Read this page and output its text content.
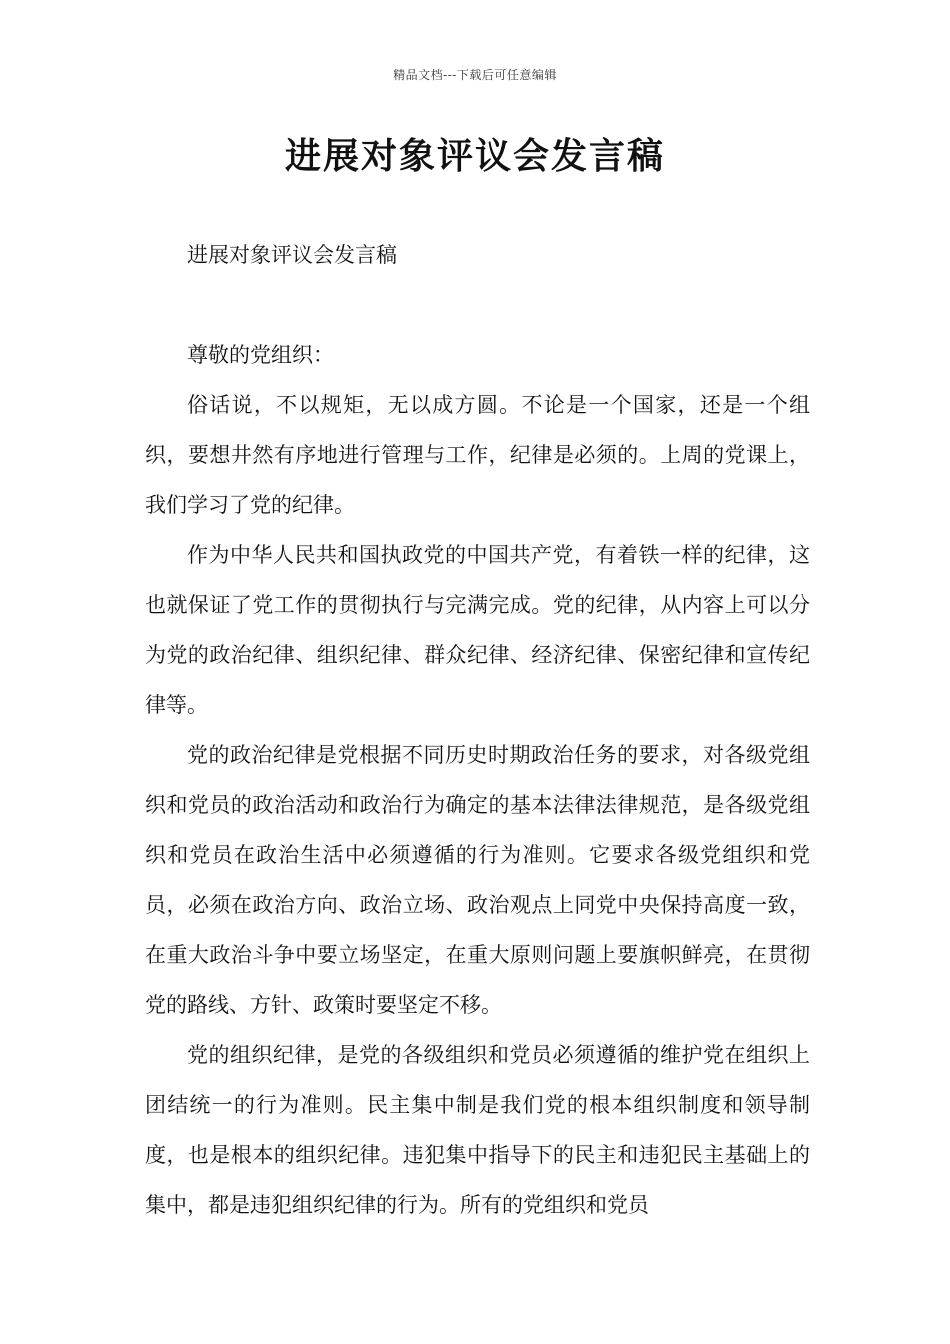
精品文档---下载后可任意编辑
进展对象评议会发言稿

进展对象评议会发言稿

尊敬的党组织：

俗话说，不以规矩，无以成方圆。不论是一个国家，还是一个组织，要想井然有序地进行管理与工作，纪律是必须的。上周的党课上，我们学习了党的纪律。

作为中华人民共和国执政党的中国共产党，有着铁一样的纪律，这也就保证了党工作的贯彻执行与完满完成。党的纪律，从内容上可以分为党的政治纪律、组织纪律、群众纪律、经济纪律、保密纪律和宣传纪律等。

党的政治纪律是党根据不同历史时期政治任务的要求，对各级党组织和党员的政治活动和政治行为确定的基本法律法律规范，是各级党组织和党员在政治生活中必须遵循的行为准则。它要求各级党组织和党员，必须在政治方向、政治立场、政治观点上同党中央保持高度一致，在重大政治斗争中要立场坚定，在重大原则问题上要旗帜鲜亮，在贯彻党的路线、方针、政策时要坚定不移。

党的组织纪律，是党的各级组织和党员必须遵循的维护党在组织上团结统一的行为准则。民主集中制是我们党的根本组织制度和领导制度，也是根本的组织纪律。违犯集中指导下的民主和违犯民主基础上的集中，都是违犯组织纪律的行为。所有的党组织和党员
